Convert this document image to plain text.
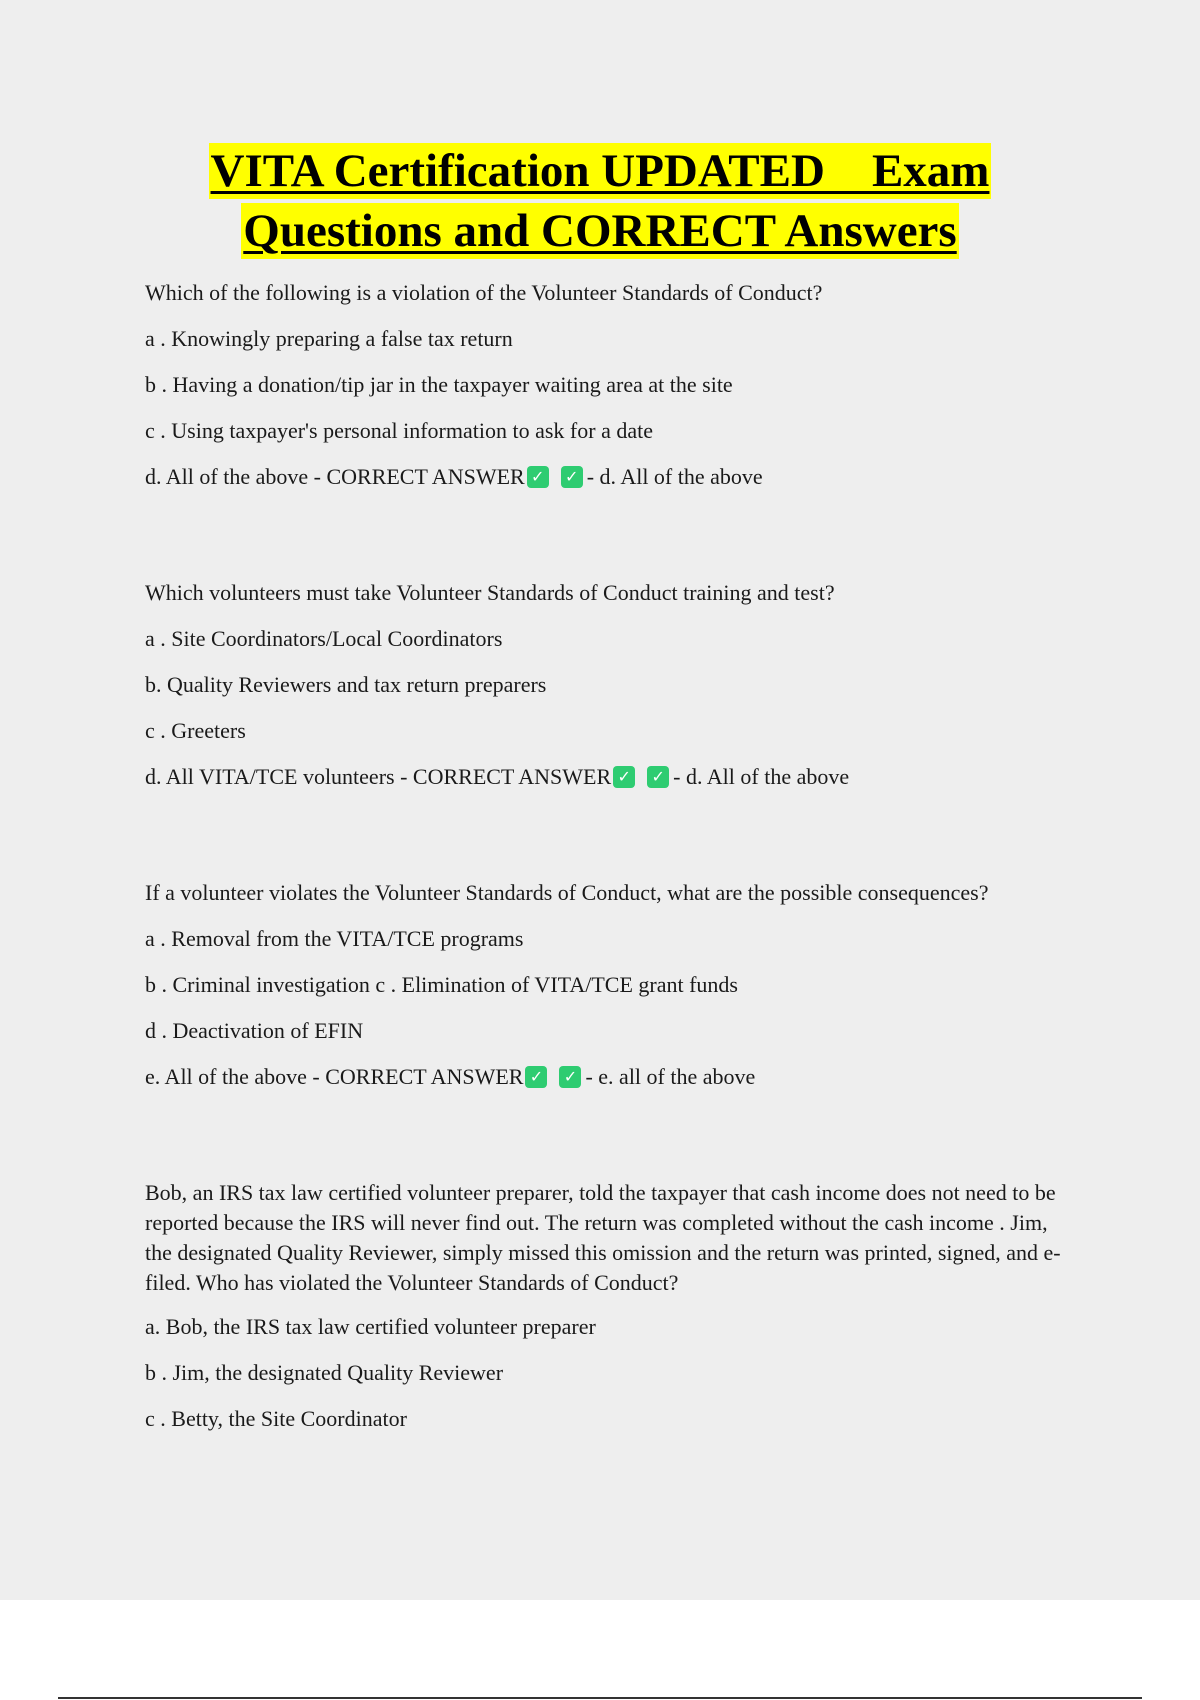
VITA Certification UPDATED    Exam
Questions and CORRECT Answers
Which of the following is a violation of the Volunteer Standards of Conduct?
a . Knowingly preparing a false tax return
b . Having a donation/tip jar in the taxpayer waiting area at the site
c . Using taxpayer's personal information to ask for a date
d. All of the above - CORRECT ANSWER ✓ ✓ - d. All of the above
Which volunteers must take Volunteer Standards of Conduct training and test?
a . Site Coordinators/Local Coordinators
b. Quality Reviewers and tax return preparers
c . Greeters
d. All VITA/TCE volunteers - CORRECT ANSWER ✓ ✓ - d. All of the above
If a volunteer violates the Volunteer Standards of Conduct, what are the possible consequences?
a . Removal from the VITA/TCE programs
b . Criminal investigation c . Elimination of VITA/TCE grant funds
d . Deactivation of EFIN
e. All of the above - CORRECT ANSWER ✓ ✓ - e. all of the above
Bob, an IRS tax law certified volunteer preparer, told the taxpayer that cash income does not need to be reported because the IRS will never find out. The return was completed without the cash income . Jim, the designated Quality Reviewer, simply missed this omission and the return was printed, signed, and e-filed. Who has violated the Volunteer Standards of Conduct?
a. Bob, the IRS tax law certified volunteer preparer
b . Jim, the designated Quality Reviewer
c . Betty, the Site Coordinator
